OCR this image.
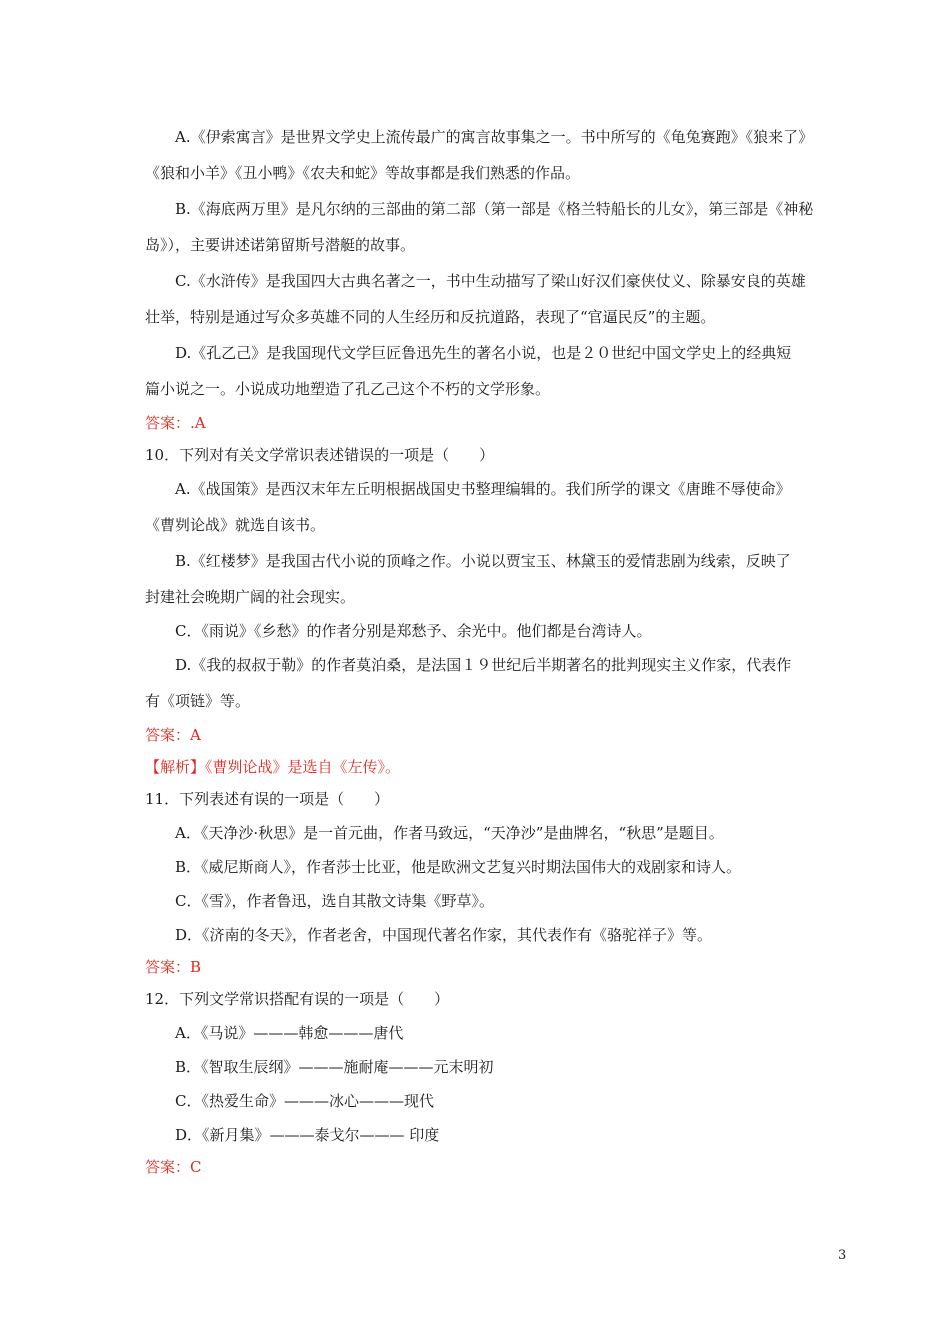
A.《伊索寓言》是世界文学史上流传最广的寓言故事集之一。书中所写的《龟兔赛跑》《狼来了》
《狼和小羊》《丑小鸭》《农夫和蛇》等故事都是我们熟悉的作品。
B.《海底两万里》是凡尔纳的三部曲的第二部（第一部是《格兰特船长的儿女》，第三部是《神秘
岛》），主要讲述诺第留斯号潜艇的故事。
C.《水浒传》是我国四大古典名著之一，书中生动描写了梁山好汉们豪侠仗义、除暴安良的英雄
壮举，特别是通过写众多英雄不同的人生经历和反抗道路，表现了“官逼民反”的主题。
D.《孔乙己》是我国现代文学巨匠鲁迅先生的著名小说，也是２０世纪中国文学史上的经典短
篇小说之一。小说成功地塑造了孔乙己这个不朽的文学形象。
答案：.A
10．下列对有关文学常识表述错误的一项是（　　）
A.《战国策》是西汉末年左丘明根据战国史书整理编辑的。我们所学的课文《唐雎不辱使命》
《曹刿论战》就选自该书。
B.《红楼梦》是我国古代小说的顶峰之作。小说以贾宝玉、林黛玉的爱情悲剧为线索，反映了
封建社会晚期广阔的社会现实。
C．《雨说》《乡愁》的作者分别是郑愁予、余光中。他们都是台湾诗人。
D.《我的叔叔于勒》的作者莫泊桑，是法国１９世纪后半期著名的批判现实主义作家，代表作
有《项链》等。
答案：A
【解析】《曹刿论战》是选自《左传》。
11．下列表述有误的一项是（　　）
A．《天净沙·秋思》是一首元曲，作者马致远，“天净沙”是曲牌名，“秋思”是题目。
B．《威尼斯商人》，作者莎士比亚，他是欧洲文艺复兴时期法国伟大的戏剧家和诗人。
C．《雪》，作者鲁迅，选自其散文诗集《野草》。
D．《济南的冬天》，作者老舍，中国现代著名作家，其代表作有《骆驼祥子》等。
答案：B
12．下列文学常识搭配有误的一项是（　　）
A．《马说》———韩愈———唐代
B．《智取生辰纲》———施耐庵———元末明初
C．《热爱生命》———冰心———现代
D．《新月集》———泰戈尔——— 印度
答案：C
3
